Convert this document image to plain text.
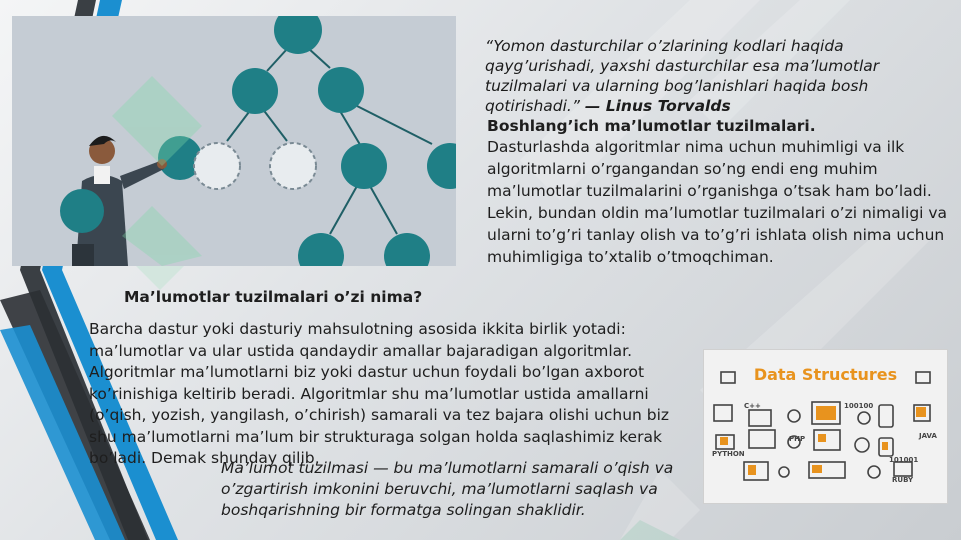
“Yomon dasturchilar o’zlarining kodlari haqida qayg’urishadi, yaxshi dasturchilar esa ma’lumotlar tuzilmalari va ularning bog’lanishlari haqida bosh qotirishadi.” — Linus Torvalds
Boshlang’ich ma’lumotlar tuzilmalari.
Dasturlashda algoritmlar nima uchun muhimligi va ilk algoritmlarni o’rgangandan so’ng endi eng muhim ma’lumotlar tuzilmalarini o’rganishga o’tsak ham bo’ladi. Lekin, bundan oldin ma’lumotlar tuzilmalari o’zi nimaligi va ularni to’g’ri tanlay olish va to’g’ri ishlata olish nima uchun muhimligiga to’xtalib o’tmoqchiman.
Ma’lumotlar tuzilmalari o’zi nima?
Barcha dastur yoki dasturiy mahsulotning asosida ikkita birlik yotadi: ma’lumotlar va ular ustida qandaydir amallar bajaradigan algoritmlar. Algoritmlar ma’lumotlarni biz yoki dastur uchun foydali bo’lgan axborot ko’rinishiga keltirib beradi. Algoritmlar shu ma’lumotlar ustida amallarni (o’qish, yozish, yangilash, o’chirish) samarali va tez bajara olishi uchun biz shu ma’lumotlarni ma’lum bir strukturaga solgan holda saqlashimiz kerak bo’ladi. Demak shunday qilib,
Ma’lumot tuzilmasi — bu ma’lumotlarni samarali o’qish va o’zgartirish imkonini beruvchi, ma’lumotlarni saqlash va boshqarishning bir formatga solingan shaklidir.
Data Structures
C++
PHP	JAVA
PYTHON
RUBY
100100
101001
